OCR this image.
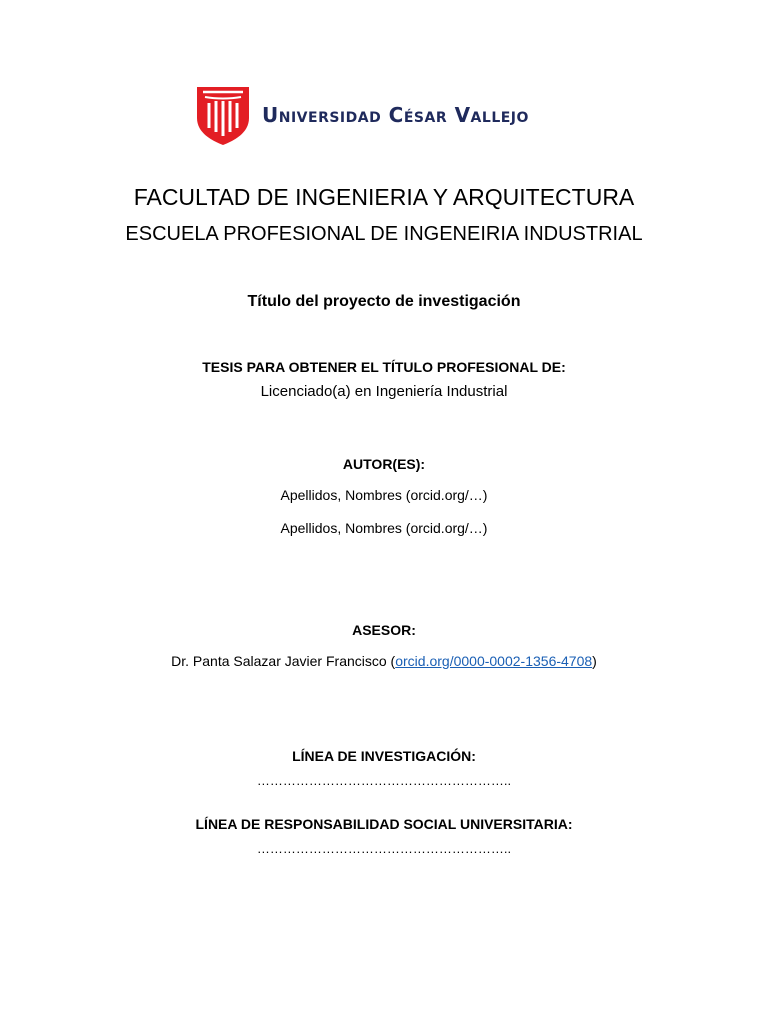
Universidad César Vallejo
FACULTAD DE INGENIERIA Y ARQUITECTURA
ESCUELA PROFESIONAL DE INGENEIRIA INDUSTRIAL
Título del proyecto de investigación
TESIS PARA OBTENER EL TÍTULO PROFESIONAL DE:
Licenciado(a) en Ingeniería Industrial
AUTOR(ES):
Apellidos, Nombres (orcid.org/…)
Apellidos, Nombres (orcid.org/…)
ASESOR:
Dr. Panta Salazar Javier Francisco (orcid.org/0000-0002-1356-4708)
LÍNEA DE INVESTIGACIÓN:
…………………………………………………..
LÍNEA DE RESPONSABILIDAD SOCIAL UNIVERSITARIA:
…………………………………………………..
